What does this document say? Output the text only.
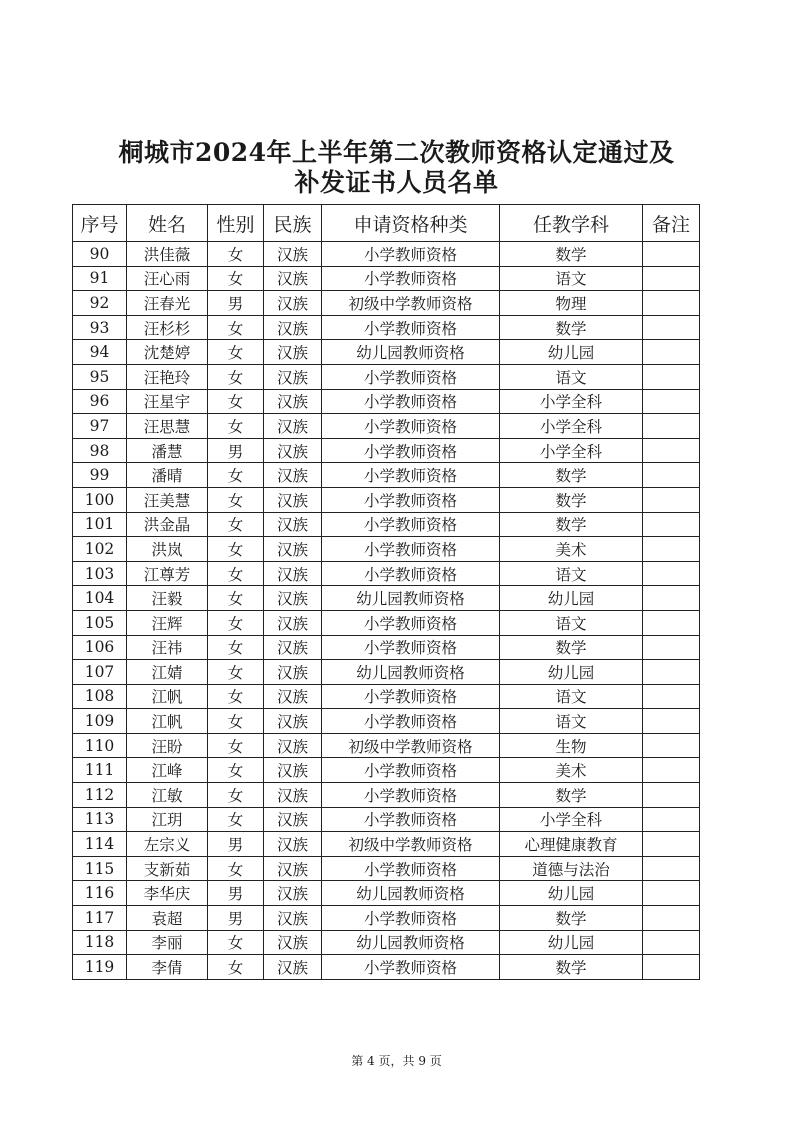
桐城市2024年上半年第二次教师资格认定通过及
补发证书人员名单
序号	姓名	性别	民族	申请资格种类	任教学科	备注
90	洪佳薇	女	汉族	小学教师资格	数学	
91	汪心雨	女	汉族	小学教师资格	语文	
92	汪春光	男	汉族	初级中学教师资格	物理	
93	汪杉杉	女	汉族	小学教师资格	数学	
94	沈楚婷	女	汉族	幼儿园教师资格	幼儿园	
95	汪艳玲	女	汉族	小学教师资格	语文	
96	汪星宇	女	汉族	小学教师资格	小学全科	
97	汪思慧	女	汉族	小学教师资格	小学全科	
98	潘慧	男	汉族	小学教师资格	小学全科	
99	潘晴	女	汉族	小学教师资格	数学	
100	汪美慧	女	汉族	小学教师资格	数学	
101	洪金晶	女	汉族	小学教师资格	数学	
102	洪岚	女	汉族	小学教师资格	美术	
103	江尊芳	女	汉族	小学教师资格	语文	
104	汪毅	女	汉族	幼儿园教师资格	幼儿园	
105	汪辉	女	汉族	小学教师资格	语文	
106	汪祎	女	汉族	小学教师资格	数学	
107	江婧	女	汉族	幼儿园教师资格	幼儿园	
108	江帆	女	汉族	小学教师资格	语文	
109	江帆	女	汉族	小学教师资格	语文	
110	汪盼	女	汉族	初级中学教师资格	生物	
111	江峰	女	汉族	小学教师资格	美术	
112	江敏	女	汉族	小学教师资格	数学	
113	江玥	女	汉族	小学教师资格	小学全科	
114	左宗义	男	汉族	初级中学教师资格	心理健康教育	
115	支新茹	女	汉族	小学教师资格	道德与法治	
116	李华庆	男	汉族	幼儿园教师资格	幼儿园	
117	袁超	男	汉族	小学教师资格	数学	
118	李丽	女	汉族	幼儿园教师资格	幼儿园	
119	李倩	女	汉族	小学教师资格	数学	
第 4 页，共 9 页
